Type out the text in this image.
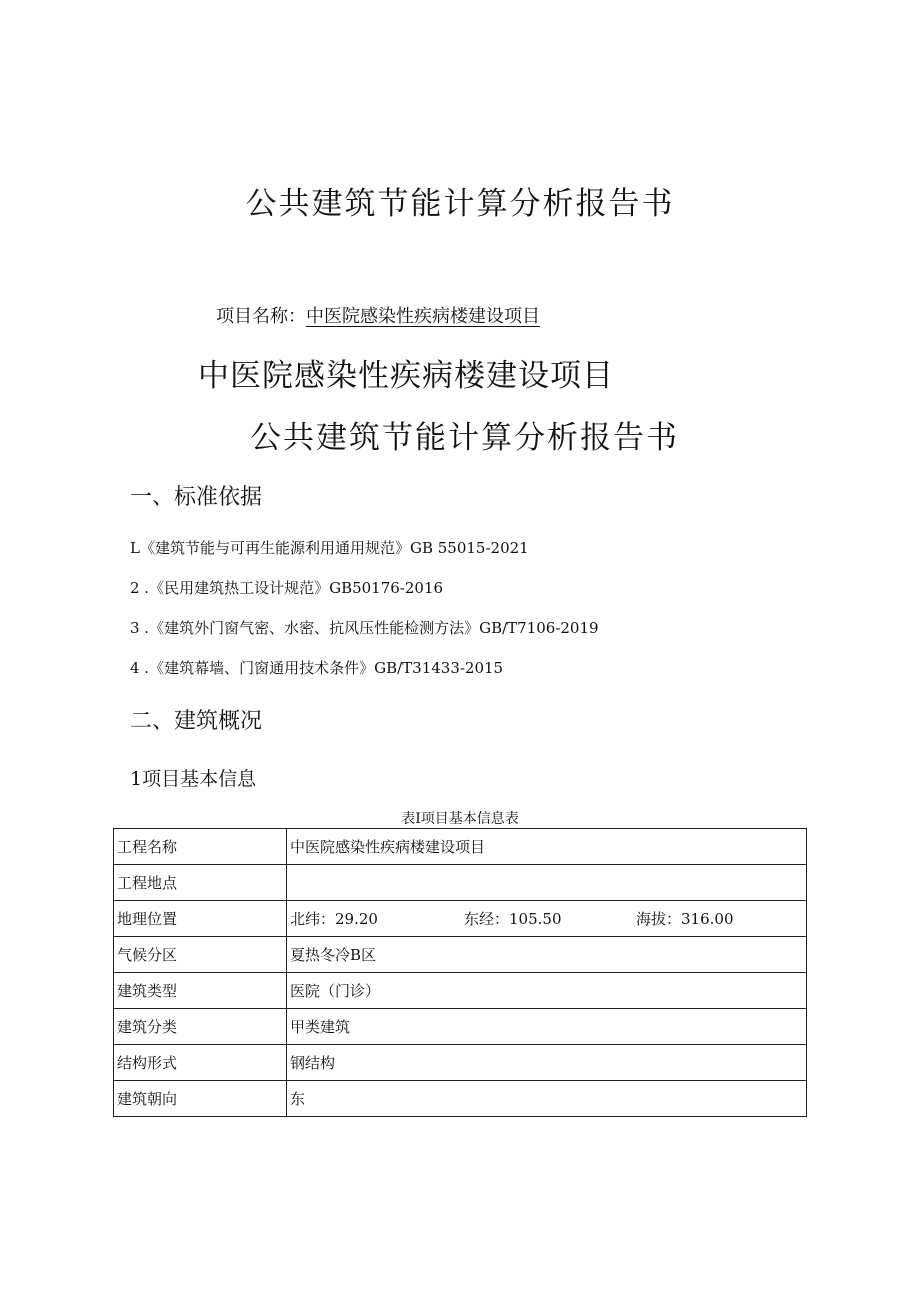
公共建筑节能计算分析报告书
项目名称：中医院感染性疾病楼建设项目
中医院感染性疾病楼建设项目
公共建筑节能计算分析报告书
一、标准依据
L《建筑节能与可再生能源利用通用规范》GB 55015-2021
2 .《民用建筑热工设计规范》GB50176-2016
3 .《建筑外门窗气密、水密、抗风压性能检测方法》GB/T7106-2019
4 .《建筑幕墙、门窗通用技术条件》GB/T31433-2015
二、建筑概况
1项目基本信息
表I项目基本信息表
工程名称	中医院感染性疾病楼建设项目
工程地点	
地理位置	北纬：29.20 东经：105.50 海拔：316.00

气候分区	夏热冬冷B区
建筑类型	医院（门诊）
建筑分类	甲类建筑
结构形式	钢结构
建筑朝向	东
